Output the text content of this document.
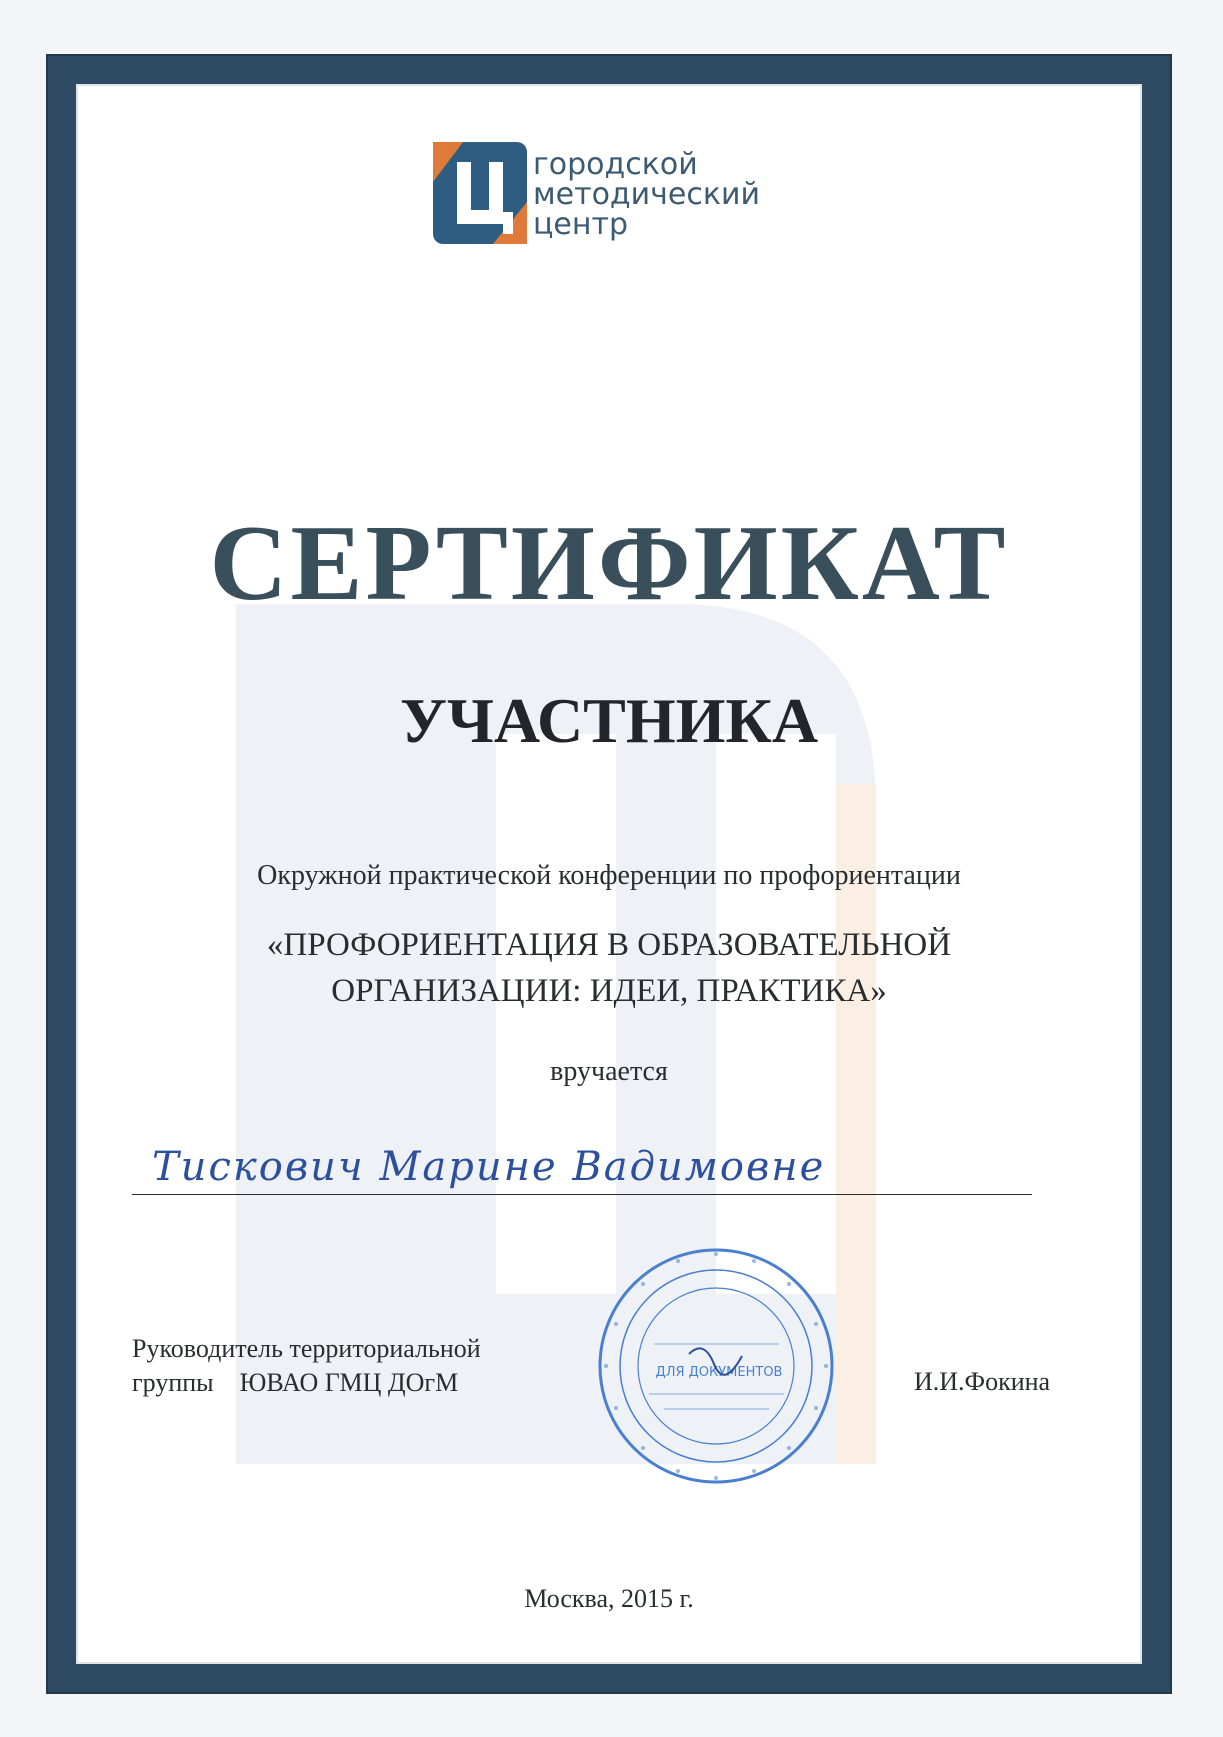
городской
методический
центр
СЕРТИФИКАТ
УЧАСТНИКА
Окружной практической конференции по профориентации
«ПРОФОРИЕНТАЦИЯ В ОБРАЗОВАТЕЛЬНОЙ
ОРГАНИЗАЦИИ: ИДЕИ, ПРАКТИКА»
вручается
Тискович Марине Вадимовне
Руководитель территориальной
группы    ЮВАО ГМЦ ДОгМ	ДЛЯ ДОКУМЕНТОВ	И.И.Фокина
Москва, 2015 г.
